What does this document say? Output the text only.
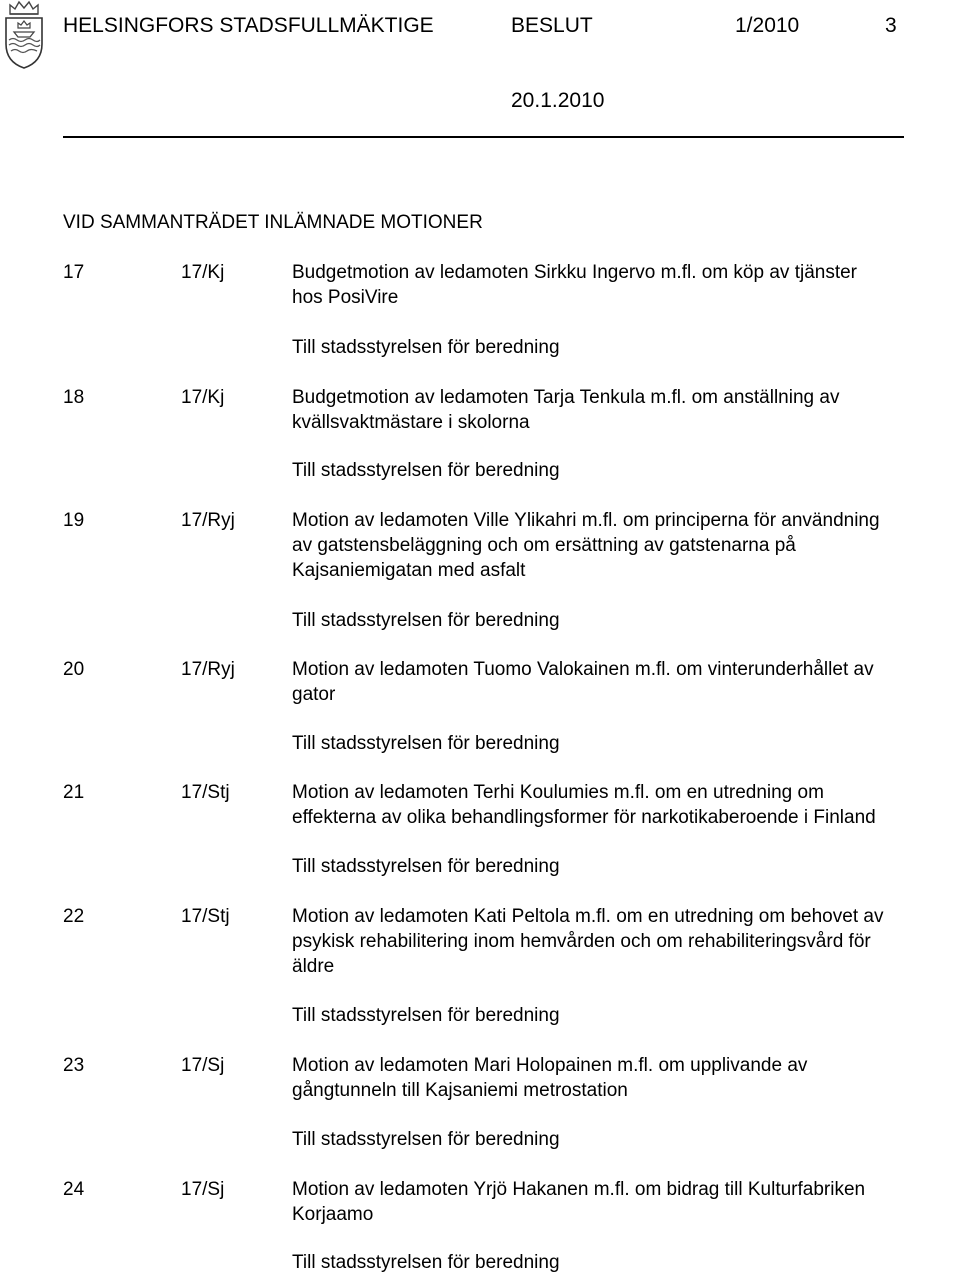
HELSINGFORS STADSFULLMÄKTIGE	BESLUT	1/2010	3
20.1.2010
VID SAMMANTRÄDET INLÄMNADE MOTIONER
17	17/Kj	Budgetmotion av ledamoten Sirkku Ingervo m.fl. om köp av tjänster
hos PosiVire
Till stadsstyrelsen för beredning
18	17/Kj	Budgetmotion av ledamoten Tarja Tenkula m.fl. om anställning av
kvällsvaktmästare i skolorna
Till stadsstyrelsen för beredning
19	17/Ryj	Motion av ledamoten Ville Ylikahri m.fl. om principerna för användning
av gatstensbeläggning och om ersättning av gatstenarna på
Kajsaniemigatan med asfalt
Till stadsstyrelsen för beredning
20	17/Ryj	Motion av ledamoten Tuomo Valokainen m.fl. om vinterunderhållet av
gator
Till stadsstyrelsen för beredning
21	17/Stj	Motion av ledamoten Terhi Koulumies m.fl. om en utredning om
effekterna av olika behandlingsformer för narkotikaberoende i Finland
Till stadsstyrelsen för beredning
22	17/Stj	Motion av ledamoten Kati Peltola m.fl. om en utredning om behovet av
psykisk rehabilitering inom hemvården och om rehabiliteringsvård för
äldre
Till stadsstyrelsen för beredning
23	17/Sj	Motion av ledamoten Mari Holopainen m.fl. om upplivande av
gångtunneln till Kajsaniemi metrostation
Till stadsstyrelsen för beredning
24	17/Sj	Motion av ledamoten Yrjö Hakanen m.fl. om bidrag till Kulturfabriken
Korjaamo
Till stadsstyrelsen för beredning
